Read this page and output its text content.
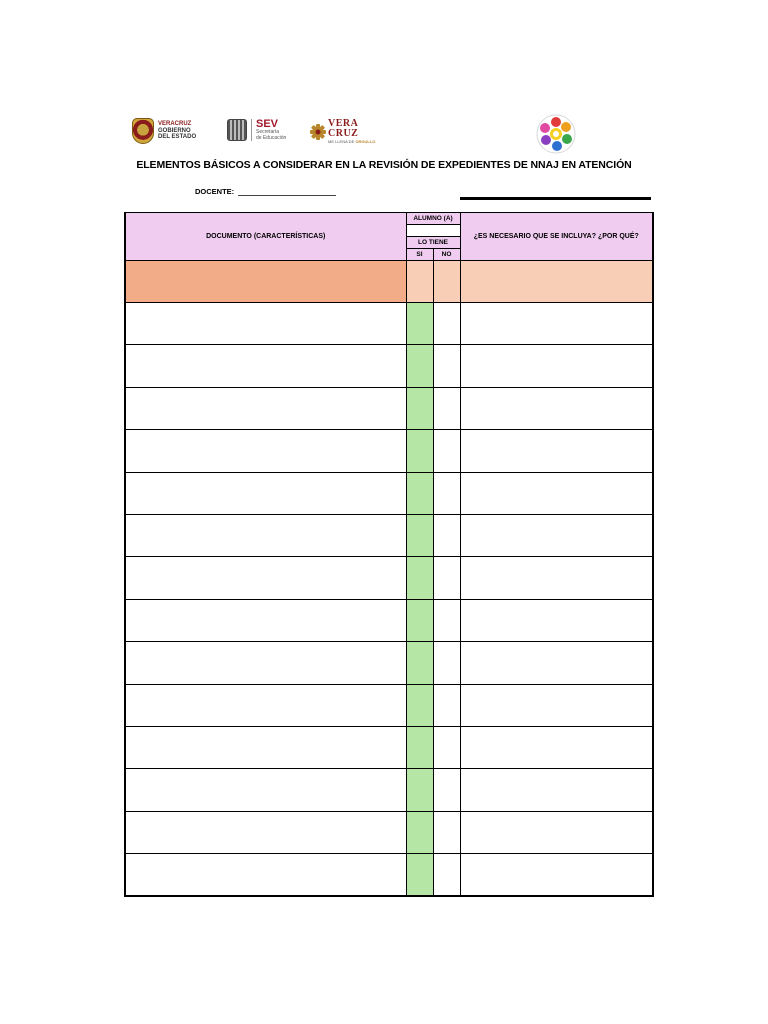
VERACRUZ
GOBIERNO
DEL ESTADO
SEV
Secretaría
de Educación
VERA
CRUZ
ME LLENA DE ORGULLO
ELEMENTOS BÁSICOS A CONSIDERAR EN LA REVISIÓN DE EXPEDIENTES DE NNAJ EN ATENCIÓN
DOCENTE:
DOCUMENTO (CARACTERÍSTICAS)	ALUMNO (A)		¿ES NECESARIO QUE SE INCLUYA? ¿POR QUÉ?

	LO TIENE		
	SI	NO	
